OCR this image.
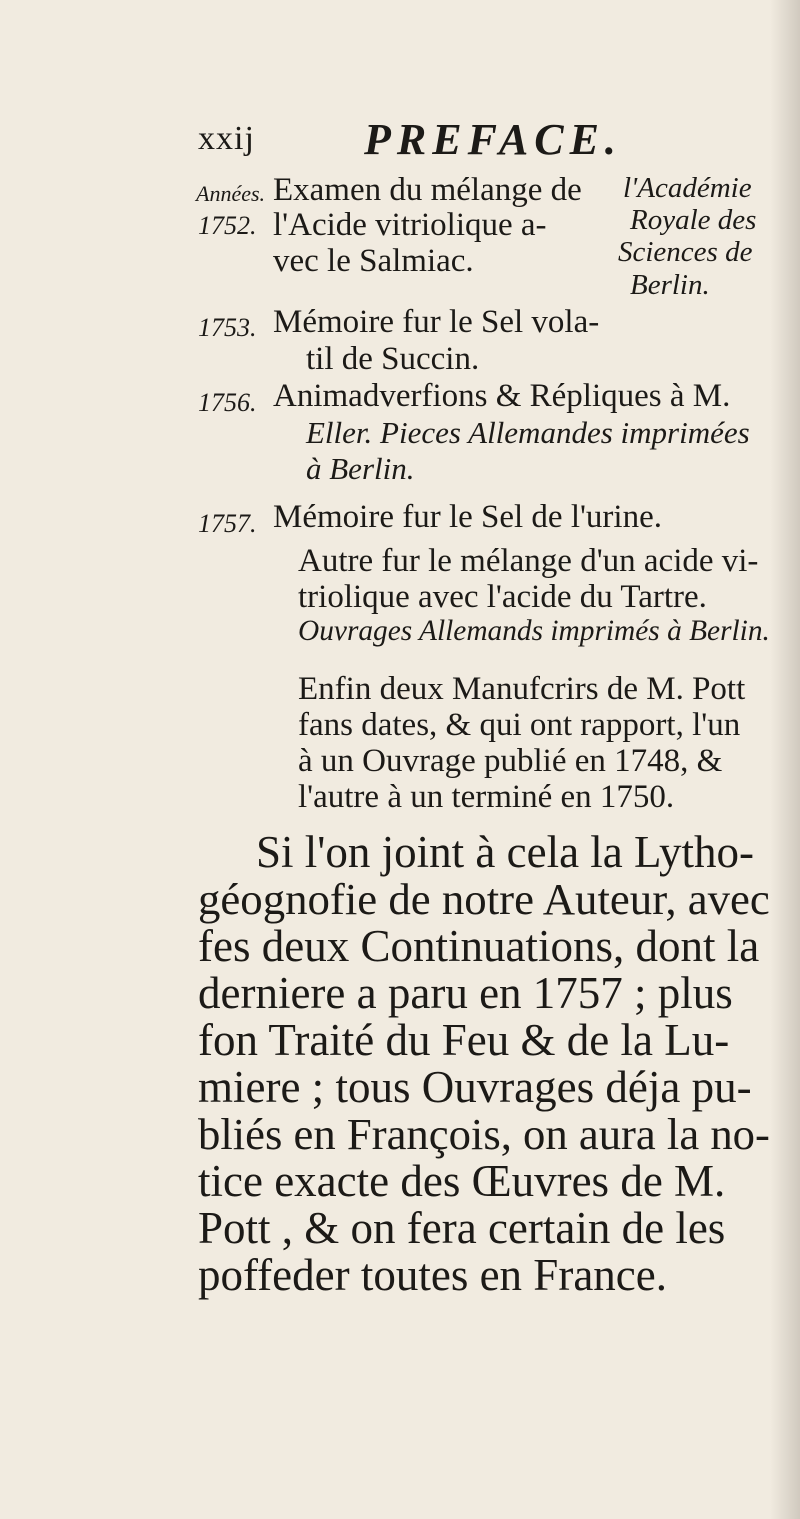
xxij PREFACE.
Années.	l'Académie
Royale des
Sciences de
Berlin.
1752.
Examen du mélange de
l'Acide vitriolique a-
vec le Salmiac.
1753. Mémoire fur le Sel vola-
til de Succin.
1756. Animadverfions & Répliques à M.
Eller. Pieces Allemandes imprimées
à Berlin.
1757. Mémoire fur le Sel de l'urine.
Autre fur le mélange d'un acide vi-
triolique avec l'acide du Tartre.
Ouvrages Allemands imprimés à Berlin.
Enfin deux Manufcrirs de M. Pott
fans dates, & qui ont rapport, l'un
à un Ouvrage publié en 1748, &
l'autre à un terminé en 1750.
Si l'on joint à cela la Lytho-
géognofie de notre Auteur, avec
fes deux Continuations, dont la
derniere a paru en 1757 ; plus
fon Traité du Feu & de la Lu-
miere ; tous Ouvrages déja pu-
bliés en François, on aura la no-
tice exacte des Œuvres de M.
Pott , & on fera certain de les
poffeder toutes en France.
